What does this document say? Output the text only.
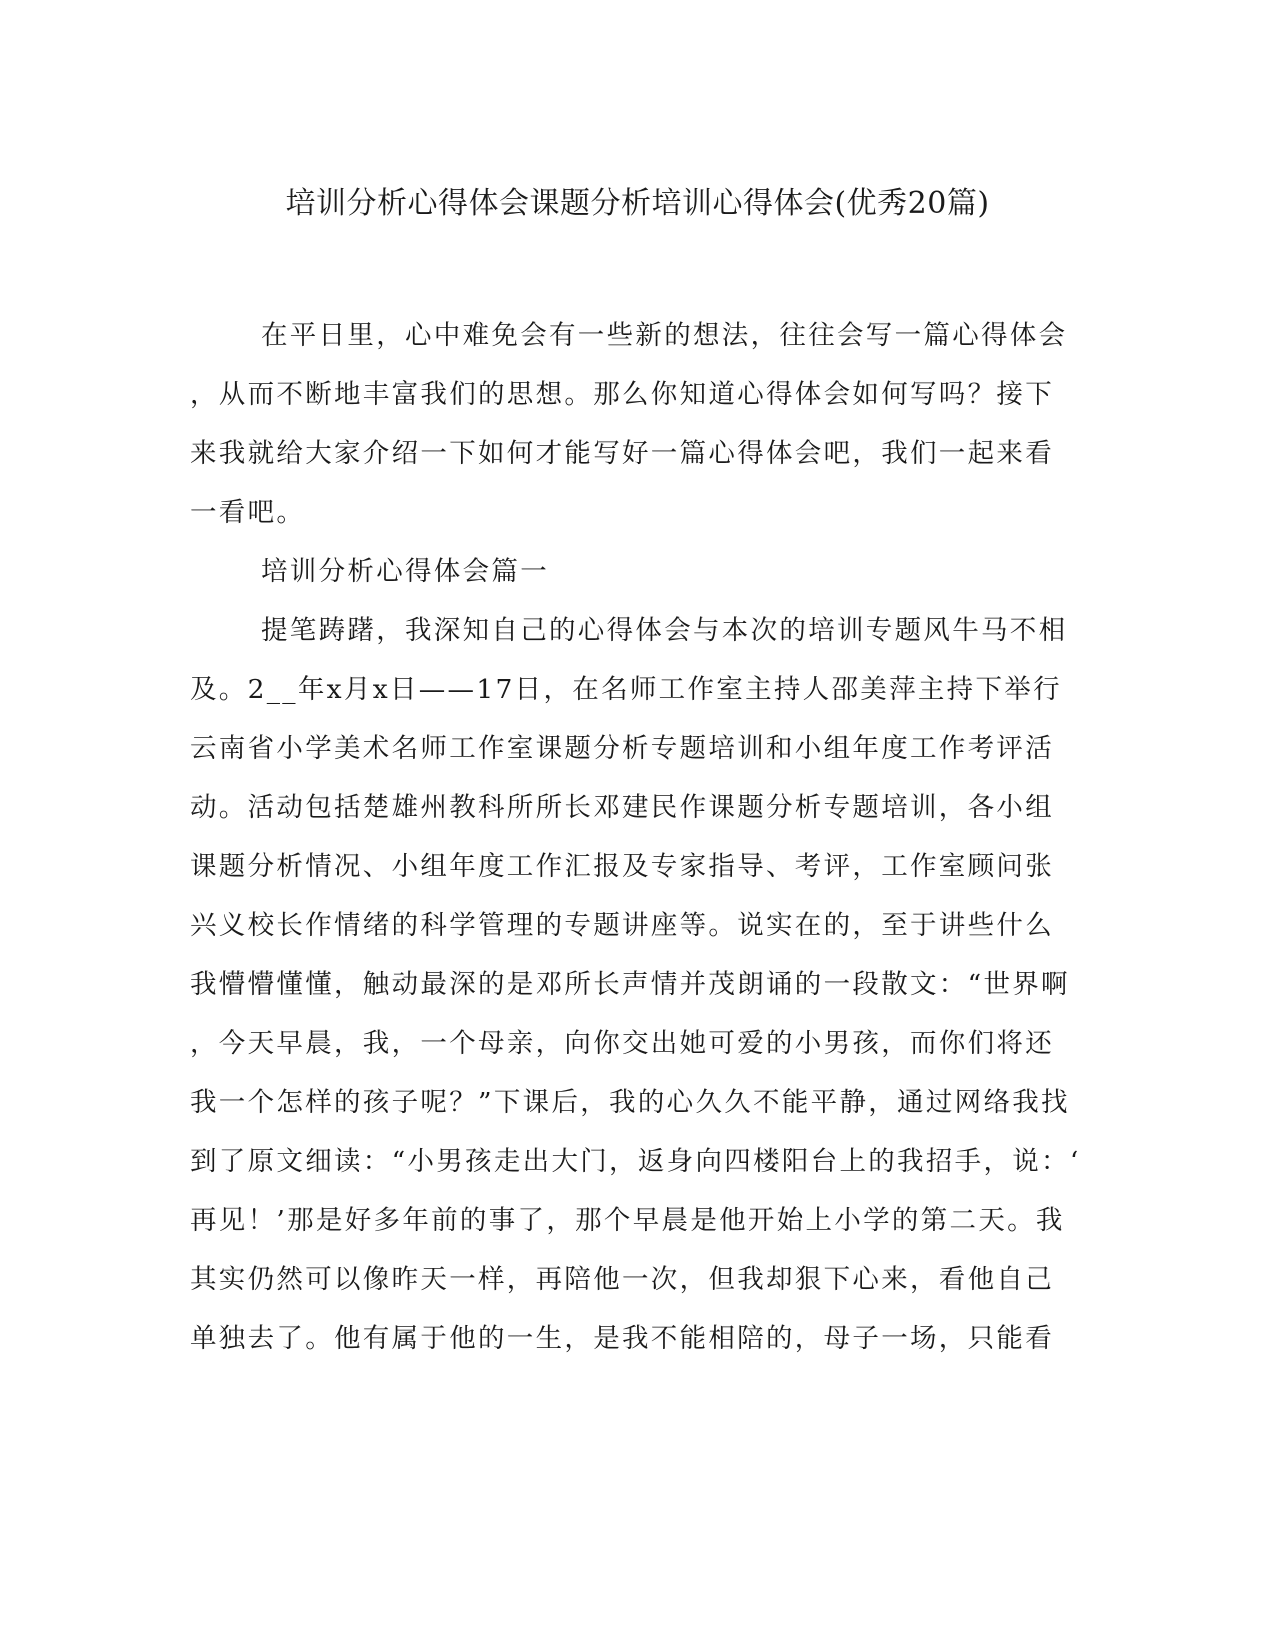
培训分析心得体会课题分析培训心得体会(优秀20篇)
在平日里，心中难免会有一些新的想法，往往会写一篇心得体会
，从而不断地丰富我们的思想。那么你知道心得体会如何写吗？接下
来我就给大家介绍一下如何才能写好一篇心得体会吧，我们一起来看
一看吧。
培训分析心得体会篇一
提笔踌躇，我深知自己的心得体会与本次的培训专题风牛马不相
及。2__年x月x日——17日，在名师工作室主持人邵美萍主持下举行
云南省小学美术名师工作室课题分析专题培训和小组年度工作考评活
动。活动包括楚雄州教科所所长邓建民作课题分析专题培训，各小组
课题分析情况、小组年度工作汇报及专家指导、考评，工作室顾问张
兴义校长作情绪的科学管理的专题讲座等。说实在的，至于讲些什么
我懵懵懂懂，触动最深的是邓所长声情并茂朗诵的一段散文：“世界啊
，今天早晨，我，一个母亲，向你交出她可爱的小男孩，而你们将还
我一个怎样的孩子呢？”下课后，我的心久久不能平静，通过网络我找
到了原文细读：“小男孩走出大门，返身向四楼阳台上的我招手，说：‘
再见！’那是好多年前的事了，那个早晨是他开始上小学的第二天。我
其实仍然可以像昨天一样，再陪他一次，但我却狠下心来，看他自己
单独去了。他有属于他的一生，是我不能相陪的，母子一场，只能看
